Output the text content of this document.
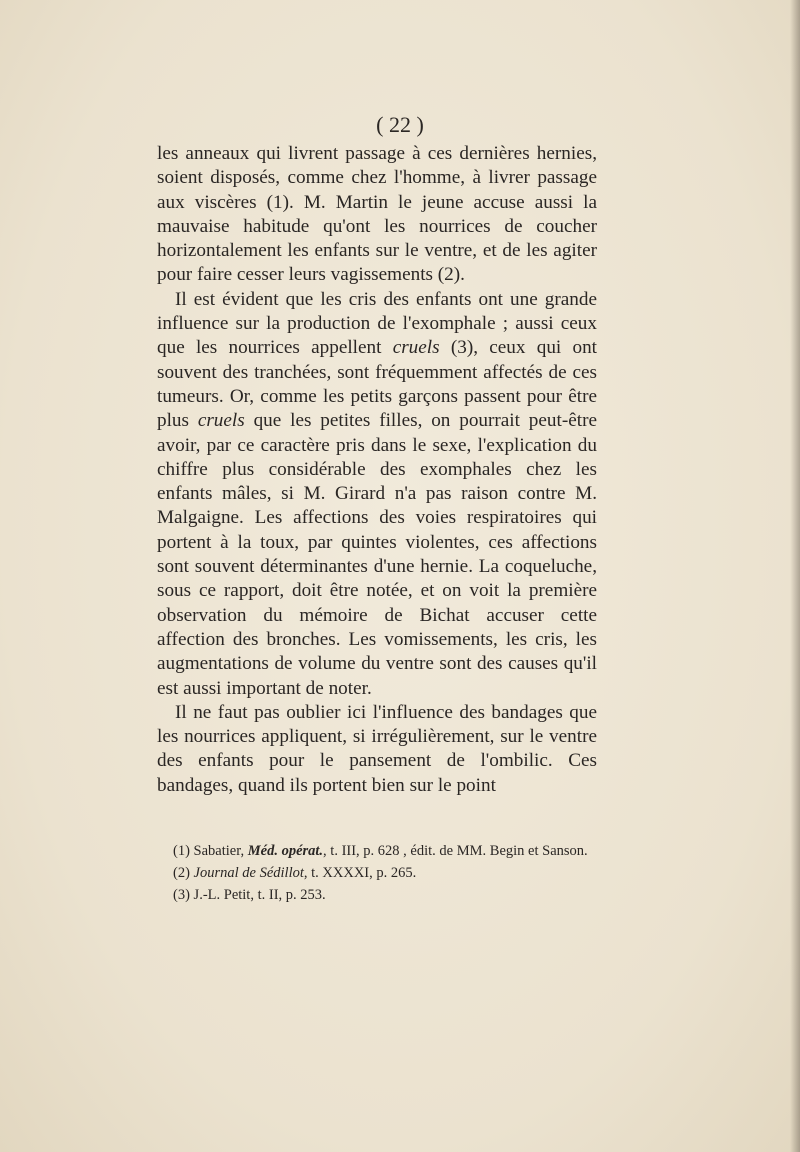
( 22 )

les anneaux qui livrent passage à ces dernières hernies, soient disposés, comme chez l'homme, à livrer passage aux viscères (1). M. Martin le jeune accuse aussi la mauvaise habitude qu'ont les nourrices de coucher horizontalement les enfants sur le ventre, et de les agiter pour faire cesser leurs vagissements (2).

Il est évident que les cris des enfants ont une grande influence sur la production de l'exomphale ; aussi ceux que les nourrices appellent cruels (3), ceux qui ont souvent des tranchées, sont fréquemment affectés de ces tumeurs. Or, comme les petits garçons passent pour être plus cruels que les petites filles, on pourrait peut-être avoir, par ce caractère pris dans le sexe, l'explication du chiffre plus considérable des exomphales chez les enfants mâles, si M. Girard n'a pas raison contre M. Malgaigne. Les affections des voies respiratoires qui portent à la toux, par quintes violentes, ces affections sont souvent déterminantes d'une hernie. La coqueluche, sous ce rapport, doit être notée, et on voit la première observation du mémoire de Bichat accuser cette affection des bronches. Les vomissements, les cris, les augmentations de volume du ventre sont des causes qu'il est aussi important de noter.

Il ne faut pas oublier ici l'influence des bandages que les nourrices appliquent, si irrégulièrement, sur le ventre des enfants pour le pansement de l'ombilic. Ces bandages, quand ils portent bien sur le point

(1) Sabatier, Méd. opérat., t. III, p. 628 , édit. de MM. Begin et Sanson.

(2) Journal de Sédillot, t. XXXXI, p. 265.

(3) J.-L. Petit, t. II, p. 253.
